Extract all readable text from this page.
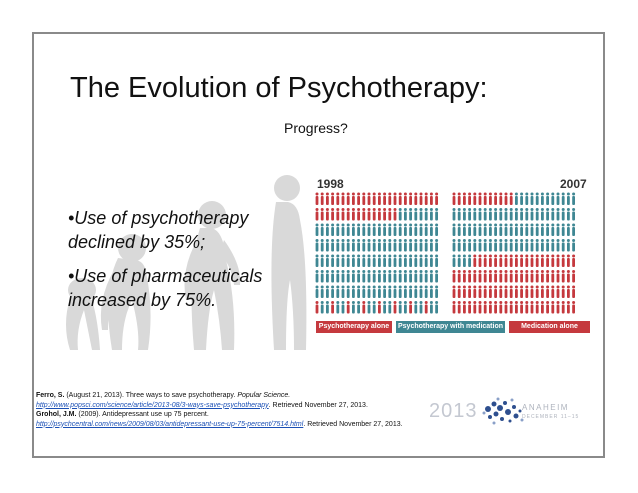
The Evolution of Psychotherapy:
Progress?
•Use of psychotherapy declined by 35%;
•Use of pharmaceuticals increased by 75%.
1998	2007
Psychotherapy alone	Psychotherapy with medication	Medication alone
Ferro, S. (August 21, 2013). Three ways to save psychotherapy. Popular Science.
http://www.popsci.com/science/article/2013-08/3-ways-save-psychotherapy. Retrieved November 27, 2013.
Grohol, J.M. (2009). Antidepressant use up 75 percent.
http://psychcentral.com/news/2009/08/03/antidepressant-use-up-75-percent/7514.html. Retrieved November 27, 2013.
2013	ANAHEIM
DECEMBER 11–15
